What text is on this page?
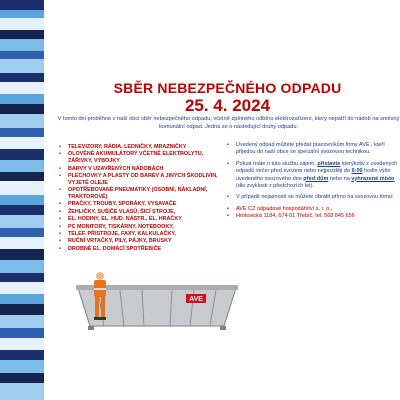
SBĚR NEBEZPEČNÉHO ODPADU
25. 4. 2024
V tomto dni proběhne v naší obci sběr nebezpečného odpadu, včetně zpětného odběru elektrozařízení, který nepatří do nádob na směsný komunální odpad. Jedná se o následující druhy odpadu:
• TELEVIZORY, RÁDIA, LEDNIČKY, MRAZNIČKY
• OLOVĚNÉ AKUMULÁTORY VČETNĚ ELEKTROLYTU, ZÁŘIVKY, VÝBOJKY
• BARVY V UZAVŘENÝCH NÁDOBÁCH
• PLECHOVKY A PLASTY OD BAREV A JINÝCH ŠKODLIVIN, VYJETÉ OLEJE
• OPOTŘEBOVANÉ PNEUMATIKY (OSOBNÍ, NÁKLADNÍ, TRAKTOROVÉ)
• PRAČKY, TROUBY, SPORÁKY, VYSAVAČE
• ŽEHLIČKY, SUŠIČE VLASŮ, ŠICÍ STROJE,
• EL. HODINY, EL. HUD. NÁSTR., EL. HRAČKY
• PC MONITORY, TISKÁRNY, NOTEBOOKY,
• TELEF. PŘÍSTROJE, FAXY, KALKULAČKY,
• RUČNÍ VRTAČKY, PILY, PÁJKY, BRUSKY
• DROBNÉ EL. DOMÁCÍ SPOTŘEBIČE

▪ Uvedený odpad můžete předat pracovníkům firmy AVE , kteří přijedou do naší obce se speciální svozovou technikou.

▪ Pokud máte o tuto službu zájem, přistavte kterýkoliv z uvedených odpadů večer před svozem nebo nejpozději do 6:00 hodin výše uvedeného svozového dne před dům nebo na vyhrazené místo (dle zvyklosti z předchozích let).

▪ V případě nejasností se můžete obrátit přímo na svozovou firmu:

▪ AVE CZ odpadové hospodářství s. r. o.,

▪ Hrotovická 1184, 674 01 Třebíč, tel. 568 845 656

AVE
